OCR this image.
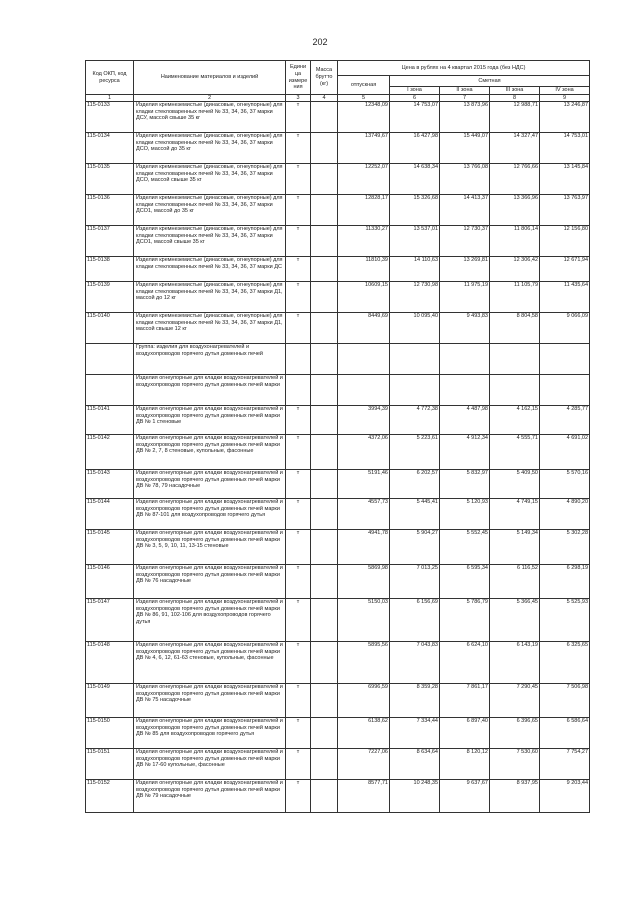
202
Код ОКП, код ресурса	Наименование материалов и изделий	Едини ца измере ния	Масса брутто (кг)	Цена в рублях на 4 квартал 2015 года (без НДС)				
				отпускная	Сметная			
					I зона	II зона	III зона	IV зона
1	2	3	4	5	6	7	8	9
115-0133	Изделия кремнеземистые (динасовые, огнеупорные) для кладки стекловаренных печей № 33, 34, 36, 37 марки ДСУ, массой свыше 35 кг	т		12348,09	14 753,07	13 873,96	12 988,71	13 246,87
115-0134	Изделия кремнеземистые (динасовые, огнеупорные) для кладки стекловаренных печей № 33, 34, 36, 37 марки ДСО, массой до 35 кг	т		13749,67	16 427,98	15 449,07	14 327,47	14 753,01
115-0135	Изделия кремнеземистые (динасовые, огнеупорные) для кладки стекловаренных печей № 33, 34, 36, 37 марки ДСО, массой свыше 35 кг	т		12252,07	14 638,34	13 766,08	12 766,66	13 145,84
115-0136	Изделия кремнеземистые (динасовые, огнеупорные) для кладки стекловаренных печей № 33, 34, 36, 37 марки ДСО1, массой до 35 кг	т		12828,17	15 326,68	14 413,37	13 366,96	13 763,97
115-0137	Изделия кремнеземистые (динасовые, огнеупорные) для кладки стекловаренных печей № 33, 34, 36, 37 марки ДСО1, массой свыше 35 кг	т		11330,27	13 537,01	12 730,37	11 806,14	12 156,80
115-0138	Изделия кремнеземистые (динасовые, огнеупорные) для кладки стекловаренных печей № 33, 34, 36, 37 марки ДС	т		11810,39	14 110,63	13 269,81	12 306,42	12 671,94
115-0139	Изделия кремнеземистые (динасовые, огнеупорные) для кладки стекловаренных печей № 33, 34, 36, 37 марки Д1, массой до 12 кг	т		10609,15	12 730,98	11 975,19	11 105,79	11 435,64
115-0140	Изделия кремнеземистые (динасовые, огнеупорные) для кладки стекловаренных печей № 33, 34, 36, 37 марки Д1, массой свыше 12 кг	т		8449,69	10 095,40	9 493,83	8 804,58	9 066,09
	Группа: изделия для воздухонагревателей и воздухопроводов горячего дутья доменных печей							
	Изделия огнеупорные для кладки воздухонагревателей и воздухопроводов горячего дутья доменных печей марки							
115-0141	Изделия огнеупорные для кладки воздухонагревателей и воздухопроводов горячего дутья доменных печей марки ДВ № 1 стеновые	т		3994,39	4 772,38	4 487,98	4 162,15	4 285,77
115-0142	Изделия огнеупорные для кладки воздухонагревателей и воздухопроводов горячего дутья доменных печей марки ДВ № 2, 7, 8 стеновые, купольные, фасонные	т		4372,06	5 223,61	4 912,34	4 555,71	4 691,02
115-0143	Изделия огнеупорные для кладки воздухонагревателей и воздухопроводов горячего дутья доменных печей марки ДВ № 78, 79 насадочные	т		5191,46	6 202,57	5 832,97	5 409,50	5 570,16
115-0144	Изделия огнеупорные для кладки воздухонагревателей и воздухопроводов горячего дутья доменных печей марки ДВ № 87-101 для воздухопроводов горячего дутья	т		4557,73	5 445,41	5 120,93	4 749,15	4 890,20
115-0145	Изделия огнеупорные для кладки воздухонагревателей и воздухопроводов горячего дутья доменных печей марки ДВ № 3, 5, 9, 10, 11, 13-15 стеновые	т		4941,78	5 904,27	5 552,45	5 149,34	5 302,28
115-0146	Изделия огнеупорные для кладки воздухонагревателей и воздухопроводов горячего дутья доменных печей марки ДВ № 76 насадочные	т		5869,98	7 013,25	6 595,34	6 116,52	6 298,19
115-0147	Изделия огнеупорные для кладки воздухонагревателей и воздухопроводов горячего дутья доменных печей марки ДВ № 86, 91, 102-106 для воздухопроводов горячего дутья	т		5150,03	6 156,69	5 786,79	5 366,45	5 525,93
115-0148	Изделия огнеупорные для кладки воздухонагревателей и воздухопроводов горячего дутья доменных печей марки ДВ № 4, 6, 12, 61-63 стеновые, купольные, фасонные	т		5895,56	7 043,83	6 624,10	6 143,19	6 325,65
115-0149	Изделия огнеупорные для кладки воздухонагревателей и воздухопроводов горячего дутья доменных печей марки ДВ № 75 насадочные	т		6996,59	8 359,28	7 861,17	7 290,45	7 506,98
115-0150	Изделия огнеупорные для кладки воздухонагревателей и воздухопроводов горячего дутья доменных печей марки ДВ № 85 для воздухопроводов горячего дутья	т		6138,62	7 334,44	6 897,40	6 396,65	6 586,64
115-0151	Изделия огнеупорные для кладки воздухонагревателей и воздухопроводов горячего дутья доменных печей марки ДВ № 17-60 купольные, фасонные	т		7227,06	8 634,64	8 120,12	7 530,60	7 754,27
115-0152	Изделия огнеупорные для кладки воздухонагревателей и воздухопроводов горячего дутья доменных печей марки ДВ № 79 насадочные	т		8577,71	10 248,35	9 637,67	8 937,95	9 203,44
